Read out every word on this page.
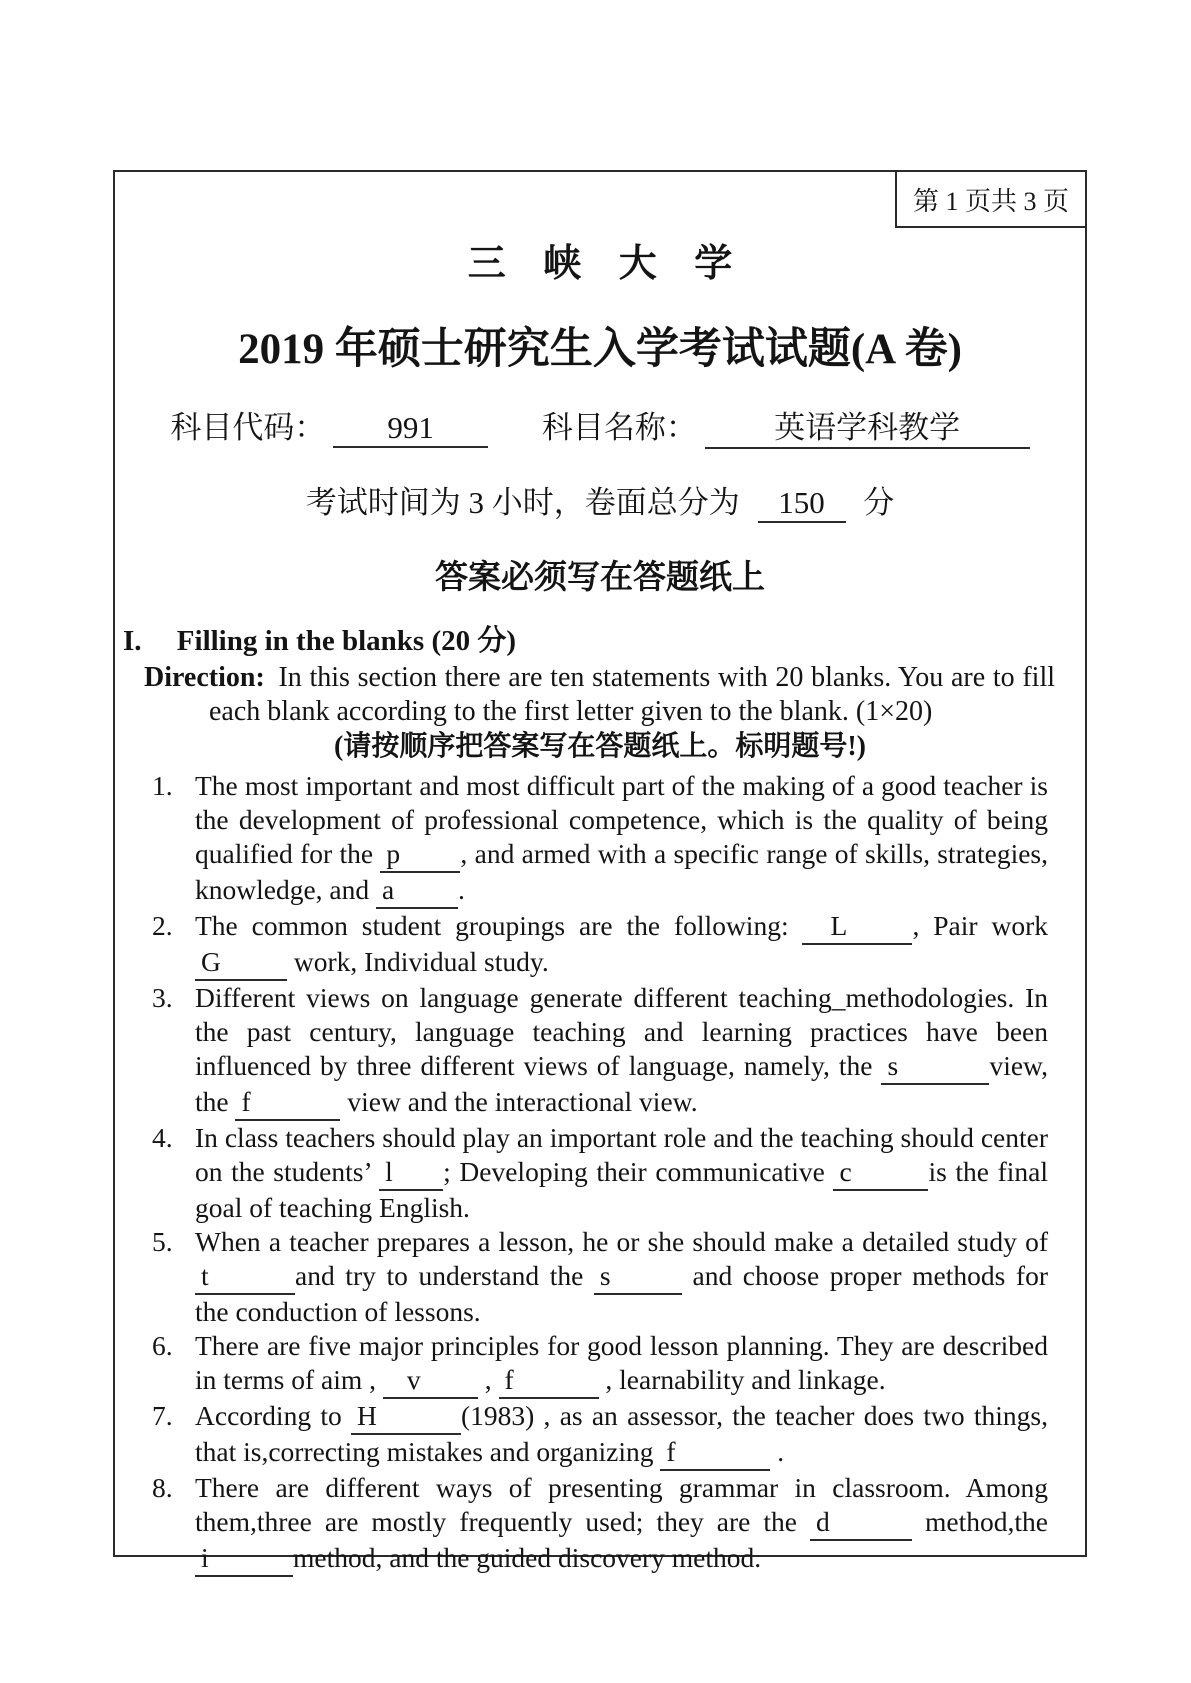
第 1 页共 3 页
三 峡 大 学
2019 年硕士研究生入学考试试题(A 卷)
科目代码： 991	科目名称： 英语学科教学
考试时间为 3 小时，卷面总分为 150 分
答案必须写在答题纸上
I. Filling in the blanks (20 分)

Direction: In this section there are ten statements with 20 blanks. You are to fill each blank according to the first letter given to the blank. (1×20)

(请按顺序把答案写在答题纸上。标明题号!)

1. The most important and most difficult part of the making of a good teacher is the development of professional competence, which is the quality of being qualified for the p , and armed with a specific range of skills, strategies, knowledge, and a .
2. The common student groupings are the following: L , Pair work G work, Individual study.
3. Different views on language generate different teaching_methodologies. In the past century, language teaching and learning practices have been influenced by three different views of language, namely, the s	view, the f	view and the interactional view.
4. In class teachers should play an important role and the teaching should center on the students’ l ; Developing their communicative c	is the final goal of teaching English.
5. When a teacher prepares a lesson, he or she should make a detailed study of t	and try to understand the s	and choose proper methods for the conduction of lessons.
6. There are five major principles for good lesson planning. They are described in terms of aim , v , f	, learnability and linkage.
7. According to H	(1983) , as an assessor, the teacher does two things, that is,correcting mistakes and organizing f	.
8. There are different ways of presenting grammar in classroom. Among them,three are mostly frequently used; they are the d	method,the i	method, and the guided discovery method.
